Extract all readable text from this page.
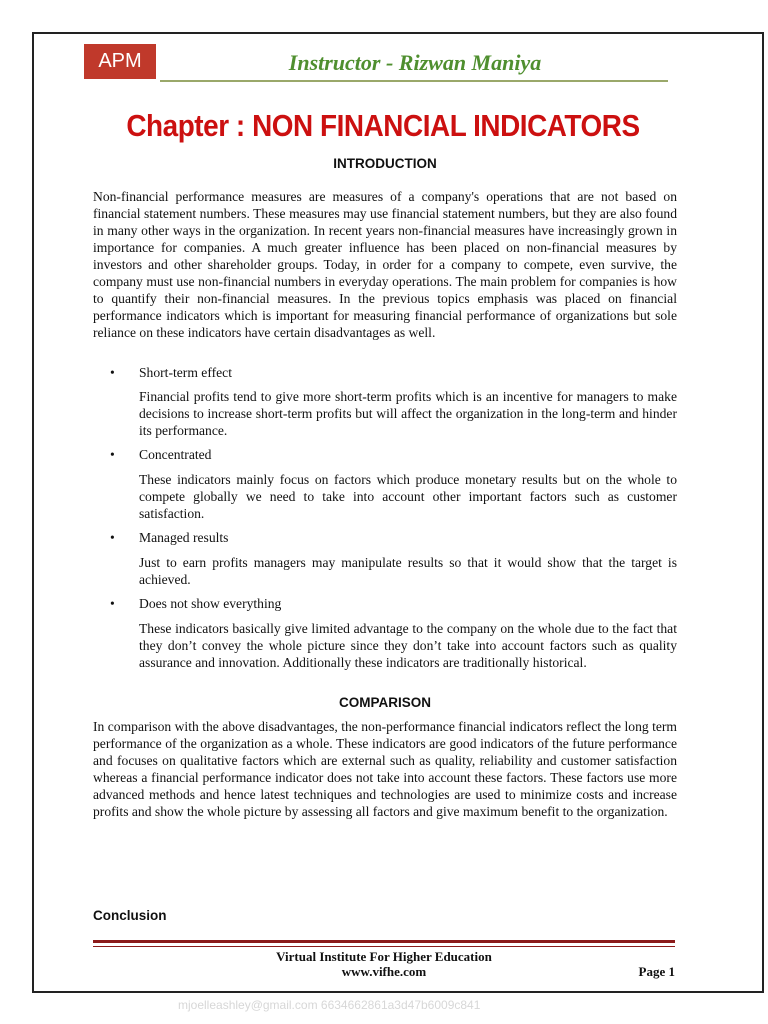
APM	Instructor - Rizwan Maniya
Chapter : NON FINANCIAL INDICATORS
INTRODUCTION
Non-financial performance measures are measures of a company's operations that are not based on financial statement numbers. These measures may use financial statement numbers, but they are also found in many other ways in the organization. In recent years non-financial measures have increasingly grown in importance for companies. A much greater influence has been placed on non-financial measures by investors and other shareholder groups. Today, in order for a company to compete, even survive, the company must use non-financial numbers in everyday operations. The main problem for companies is how to quantify their non-financial measures. In the previous topics emphasis was placed on financial performance indicators which is important for measuring financial performance of organizations but sole reliance on these indicators have certain disadvantages as well.
• Short-term effect
Financial profits tend to give more short-term profits which is an incentive for managers to make decisions to increase short-term profits but will affect the organization in the long-term and hinder its performance.
• Concentrated
These indicators mainly focus on factors which produce monetary results but on the whole to compete globally we need to take into account other important factors such as customer satisfaction.
• Managed results
Just to earn profits managers may manipulate results so that it would show that the target is achieved.
• Does not show everything
These indicators basically give limited advantage to the company on the whole due to the fact that they don’t convey the whole picture since they don’t take into account factors such as quality assurance and innovation. Additionally these indicators are traditionally historical.
COMPARISON
In comparison with the above disadvantages, the non-performance financial indicators reflect the long term performance of the organization as a whole. These indicators are good indicators of the future performance and focuses on qualitative factors which are external such as quality, reliability and customer satisfaction whereas a financial performance indicator does not take into account these factors. These factors use more advanced methods and hence latest techniques and technologies are used to minimize costs and increase profits and show the whole picture by assessing all factors and give maximum benefit to the organization.
Conclusion
Virtual Institute For Higher Education
www.vifhe.com	Page 1
mjoelleashley@gmail.com 6634662861a3d47b6009c841
